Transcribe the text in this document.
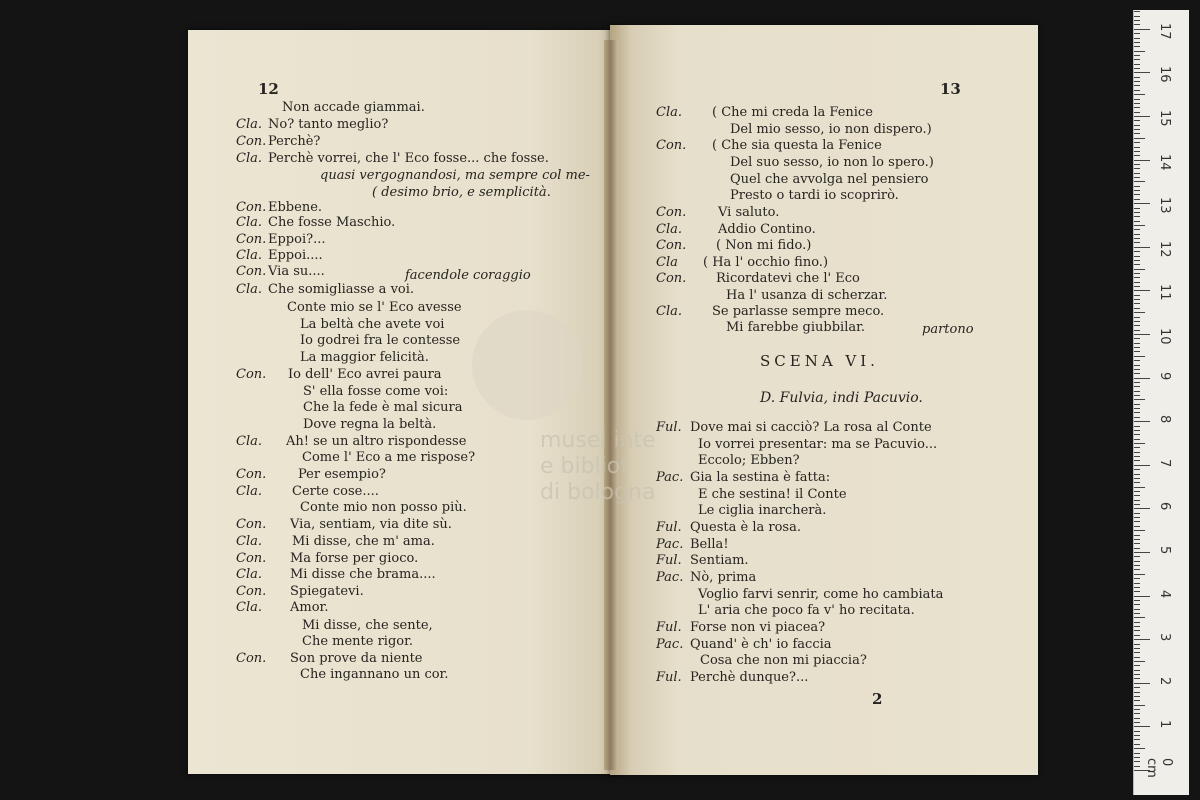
musei inte
e bibliot
di bologna
12	13
Non accade giammai.
Cla. No? tanto meglio?
Con. Perchè?
Cla. Perchè vorrei, che l' Eco fosse... che fosse.
quasi vergognandosi, ma sempre col me-
( desimo brio, e semplicità.
Con. Ebbene.
Cla. Che fosse Maschio.
Con. Eppoi?...
Cla. Eppoi....
Con. Via su....	facendole coraggio
Cla. Che somigliasse a voi.
Conte mio se l' Eco avesse
La beltà che avete voi
Io godrei fra le contesse
La maggior felicità.
Con. Io dell' Eco avrei paura
S' ella fosse come voi:
Che la fede è mal sicura
Dove regna la beltà.
Cla. Ah! se un altro rispondesse
Come l' Eco a me rispose?
Con. Per esempio?
Cla. Certe cose....
Conte mio non posso più.
Con. Via, sentiam, via dite sù.
Cla. Mi disse, che m' ama.
Con. Ma forse per gioco.
Cla. Mi disse che brama....
Con. Spiegatevi.
Cla. Amor.
Mi disse, che sente,
Che mente rigor.
Con. Son prove da niente
Che ingannano un cor.
Cla. ( Che mi creda la Fenice
Del mio sesso, io non dispero.)
Con. ( Che sia questa la Fenice
Del suo sesso, io non lo spero.)
Quel che avvolga nel pensiero
Presto o tardi io scoprirò.
Con. Vi saluto.
Cla.	Addio Contino.
Con. ( Non mi fido.)
Cla ( Ha l' occhio fino.)
Con. Ricordatevi che l' Eco
Ha l' usanza di scherzar.
Cla. Se parlasse sempre meco.
Mi farebbe giubbilar.	partono
Ful. Dove mai si cacciò? La rosa al Conte
Io vorrei presentar: ma se Pacuvio...
Eccolo; Ebben?
Pac. Gia la sestina è fatta:
E che sestina! il Conte
Le ciglia inarcherà.
Ful. Questa è la rosa.
Pac. Bella!
Ful. Sentiam.
Pac. Nò, prima
Voglio farvi senrir, come ho cambiata
L' aria che poco fa v' ho recitata.
Ful. Forse non vi piacea?
Pac. Quand' è ch' io faccia
Cosa che non mi piaccia?
Ful. Perchè dunque?...
SCENA VI.
D. Fulvia, indi Pacuvio.
2
0 cm
1
2
3
4
5
6
7
8
9
10
11
12
13
14
15
16
17
